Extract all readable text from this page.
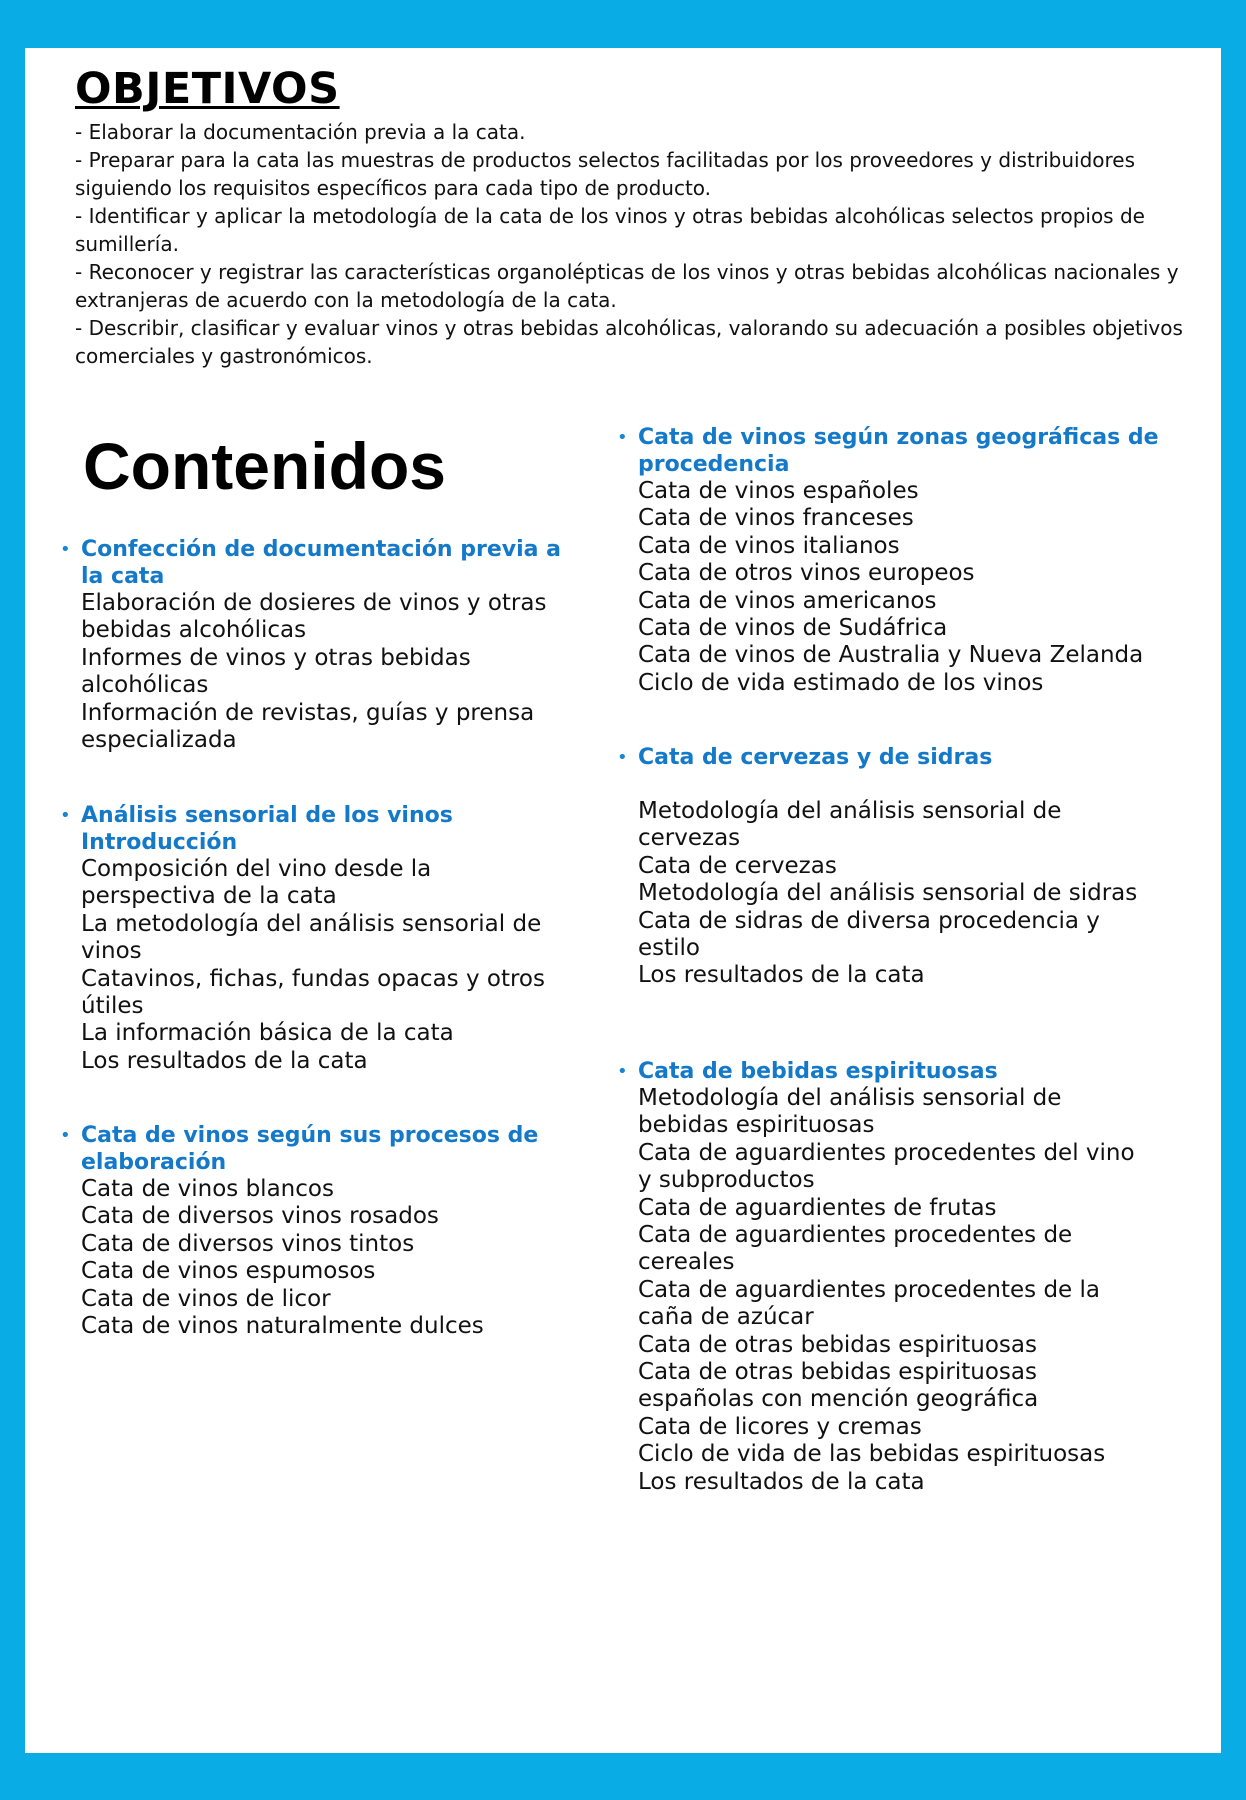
OBJETIVOS
- Elaborar la documentación previa a la cata.
- Preparar para la cata las muestras de productos selectos facilitadas por los proveedores y distribuidores siguiendo los requisitos específicos para cada tipo de producto.
- Identificar y aplicar la metodología de la cata de los vinos y otras bebidas alcohólicas selectos propios de sumillería.
- Reconocer y registrar las características organolépticas de los vinos y otras bebidas alcohólicas nacionales y extranjeras de acuerdo con la metodología de la cata.
- Describir, clasificar y evaluar vinos y otras bebidas alcohólicas, valorando su adecuación a posibles objetivos comerciales y gastronómicos.
Contenidos
• Confección de documentación previa a la cata
Elaboración de dosieres de vinos y otras bebidas alcohólicas
Informes de vinos y otras bebidas alcohólicas
Información de revistas, guías y prensa especializada
• Análisis sensorial de los vinos Introducción
Composición del vino desde la perspectiva de la cata
La metodología del análisis sensorial de vinos
Catavinos, fichas, fundas opacas y otros útiles
La información básica de la cata
Los resultados de la cata
• Cata de vinos según sus procesos de elaboración
Cata de vinos blancos
Cata de diversos vinos rosados
Cata de diversos vinos tintos
Cata de vinos espumosos
Cata de vinos de licor
Cata de vinos naturalmente dulces
• Cata de vinos según zonas geográficas de procedencia
Cata de vinos españoles
Cata de vinos franceses
Cata de vinos italianos
Cata de otros vinos europeos
Cata de vinos americanos
Cata de vinos de Sudáfrica
Cata de vinos de Australia y Nueva Zelanda
Ciclo de vida estimado de los vinos
• Cata de cervezas y de sidras
Metodología del análisis sensorial de cervezas
Cata de cervezas
Metodología del análisis sensorial de sidras
Cata de sidras de diversa procedencia y estilo
Los resultados de la cata
• Cata de bebidas espirituosas
Metodología del análisis sensorial de bebidas espirituosas
Cata de aguardientes procedentes del vino y subproductos
Cata de aguardientes de frutas
Cata de aguardientes procedentes de cereales
Cata de aguardientes procedentes de la caña de azúcar
Cata de otras bebidas espirituosas
Cata de otras bebidas espirituosas españolas con mención geográfica
Cata de licores y cremas
Ciclo de vida de las bebidas espirituosas
Los resultados de la cata
